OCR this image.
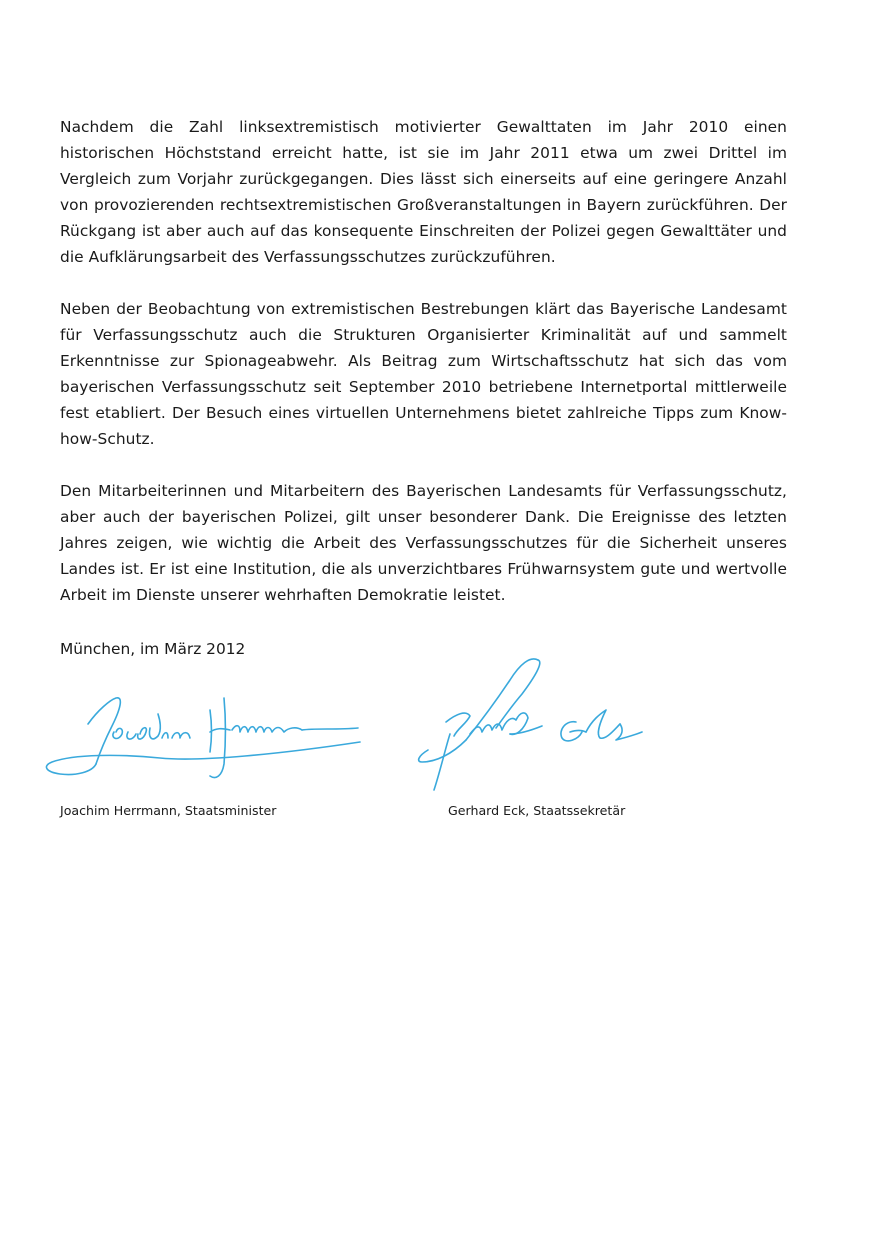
Nachdem die Zahl linksextremistisch motivierter Gewalttaten im Jahr 2010 einen historischen Höchststand erreicht hatte, ist sie im Jahr 2011 etwa um zwei Drittel im Vergleich zum Vorjahr zurückgegangen. Dies lässt sich einerseits auf eine geringere Anzahl von provozierenden rechtsextremistischen Großveranstaltungen in Bayern zurückführen. Der Rückgang ist aber auch auf das konsequente Einschreiten der Polizei gegen Gewalttäter und die Aufklärungsarbeit des Verfassungsschutzes zurückzuführen.

Neben der Beobachtung von extremistischen Bestrebungen klärt das Bayerische Landesamt für Verfassungsschutz auch die Strukturen Organisierter Kriminalität auf und sammelt Erkenntnisse zur Spionageabwehr. Als Beitrag zum Wirtschaftsschutz hat sich das vom bayerischen Verfassungsschutz seit September 2010 betriebene Internetportal mittlerweile fest etabliert. Der Besuch eines virtuellen Unternehmens bietet zahlreiche Tipps zum Know-how-Schutz.

Den Mitarbeiterinnen und Mitarbeitern des Bayerischen Landesamts für Verfassungsschutz, aber auch der bayerischen Polizei, gilt unser besonderer Dank. Die Ereignisse des letzten Jahres zeigen, wie wichtig die Arbeit des Verfassungsschutzes für die Sicherheit unseres Landes ist. Er ist eine Institution, die als unverzichtbares Frühwarnsystem gute und wertvolle Arbeit im Dienste unserer wehrhaften Demokratie leistet.

München, im März 2012

Joachim Herrmann, Staatsminister	Gerhard Eck, Staatssekretär
